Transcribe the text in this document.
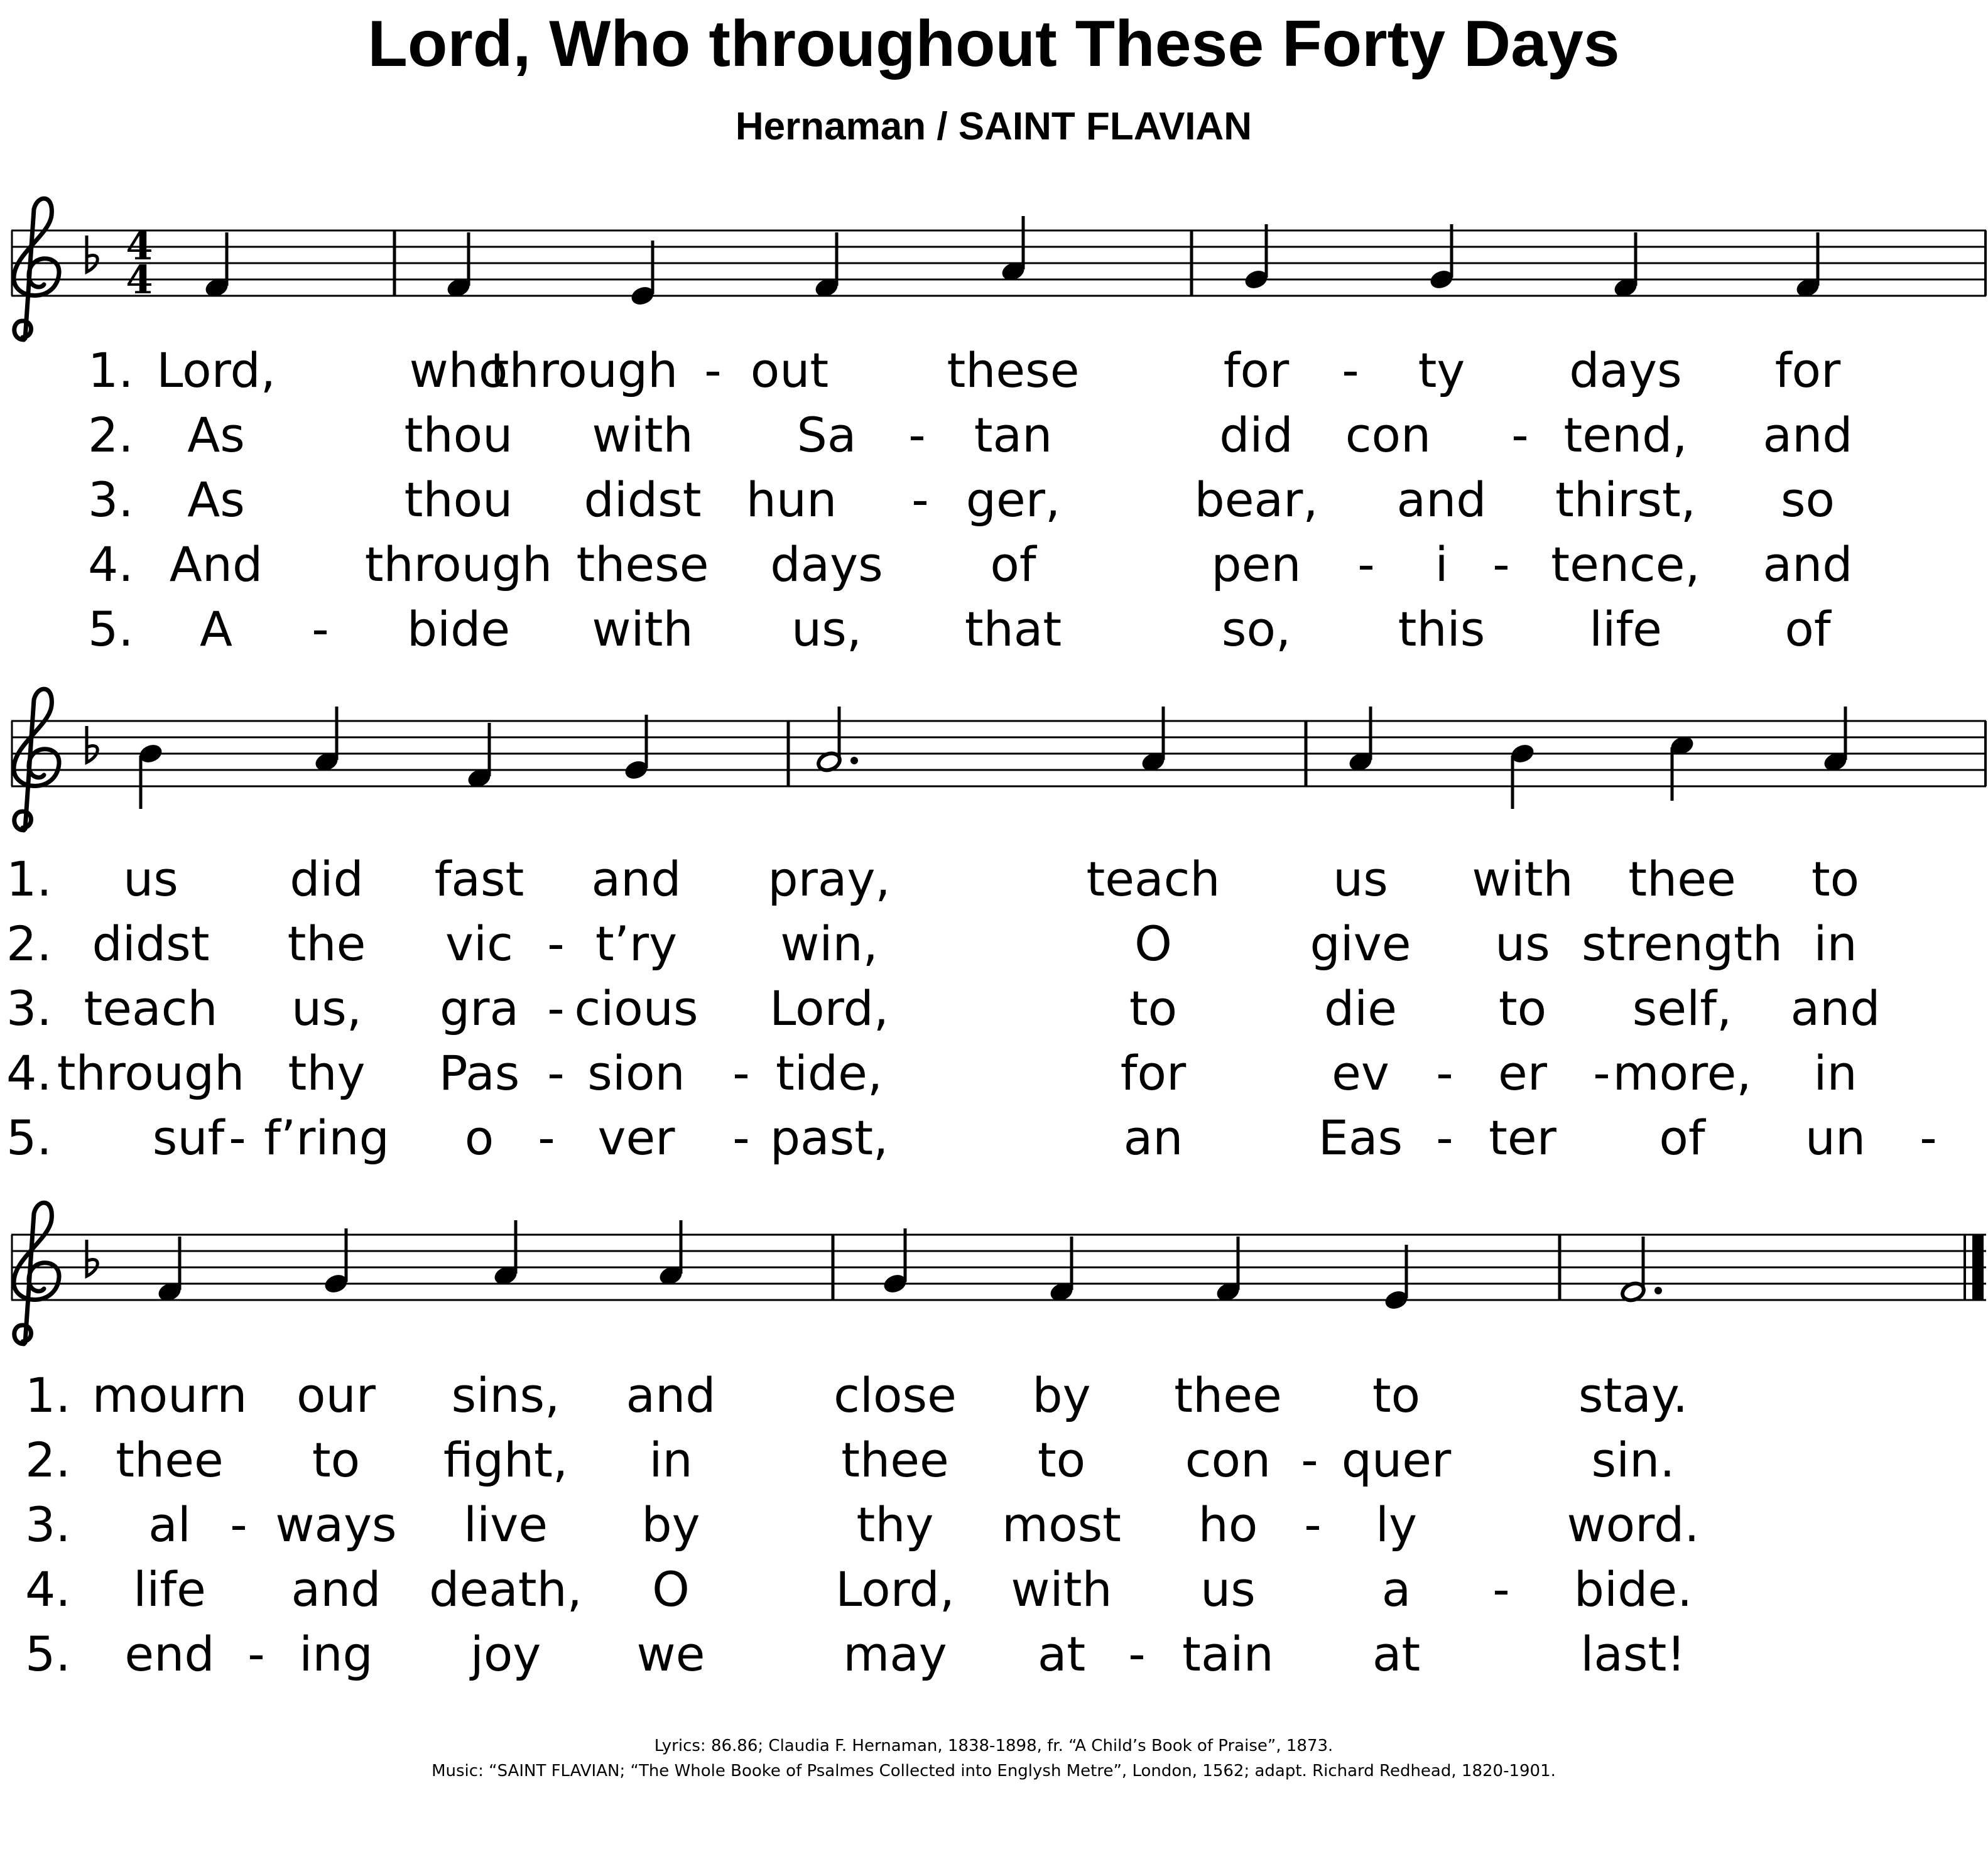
Lord, Who throughout These Forty Days
Hernaman / SAINT FLAVIAN
4
4
1. Lord,	who
through - out these	for - ty days for
2. As	thou with Sa - tan	did con - tend, and
3. As	thou didst hun - ger,	bear, and thirst, so
4. And through these days of	pen - i - tence, and
5. A - bide with us, that	so, this life	of
1. us did fast and pray,	teach us with thee to
2. didst the vic - t’ry win,	O	give us strength in
3. teach us, gra - cious Lord,	to	die to self, and
4. through thy Pas - sion - tide,	for	ev - er - more, in
5. suf - f’ring o - ver - past,	an	Eas - ter of un -
1. mourn our sins, and close by thee to	stay.
2. thee to fight, in	thee to con - quer	sin.
3. al - ways live by	thy most ho - ly	word.
4. life and death, O	Lord, with us	a - bide.
5. end - ing joy we	may at - tain at	last!
Lyrics: 86.86; Claudia F. Hernaman, 1838-1898, fr. “A Child’s Book of Praise”, 1873.
Music: “SAINT FLAVIAN; “The Whole Booke of Psalmes Collected into Englysh Metre”, London, 1562; adapt. Richard Redhead, 1820-1901.
